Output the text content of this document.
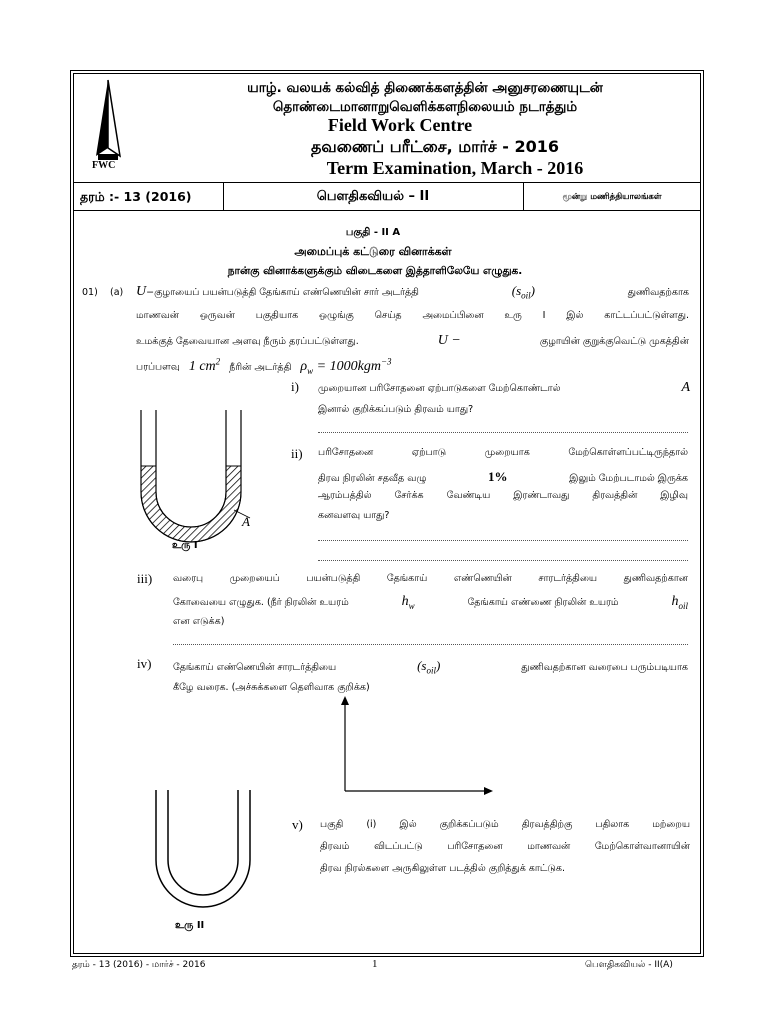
FWC
யாழ். வலயக் கல்வித் திணைக்களத்தின் அனுசரணையுடன்
தொண்டைமானாறுவெளிக்களநிலையம் நடாத்தும்
Field Work Centre
தவணைப் பரீட்சை, மார்ச் - 2016
Term Examination, March - 2016
தரம் :- 13 (2016)	பௌதிகவியல் – II	மூன்று மணித்தியாலங்கள்
பகுதி - II A
அமைப்புக் கட்டுரை வினாக்கள்
நான்கு வினாக்களுக்கும் விடைகளை இத்தாளிலேயே எழுதுக.
01) (a) U−குழாயைப் பயன்படுத்தி தேங்காய் எண்ணெயின் சார் அடர்த்தி	$(s_{oil})$	துணிவதற்காக
மாணவன் ஒருவன் பகுதியாக ஒழுங்கு செய்த அமைப்பினை உரு I இல் காட்டப்பட்டுள்ளது.
உமக்குத் தேவையான அளவு நீரும் தரப்பட்டுள்ளது.	U −	குழாயின் குறுக்குவெட்டு முகத்தின்
பரப்பளவு 1 $cm^2$ நீரின் அடர்த்தி $\rho_w = 1000kgm^{-3}$
i) முறையான பரிசோதனை ஏற்பாடுகளை மேற்கொண்டால்	A
இனால் குறிக்கப்படும் திரவம் யாது?
ii) பரிசோதனை ஏற்பாடு முறையாக மேற்கொள்ளப்பட்டிருந்தால்
திரவ நிரலின் சதவீத வழு	1%	இலும் மேற்படாமல் இருக்க
ஆரம்பத்தில் சேர்க்க வேண்டிய இரண்டாவது திரவத்தின் இழிவு
கனவளவு யாது?
A
உரு I
iii) வரைபு முறையைப் பயன்படுத்தி தேங்காய் எண்ணெயின் சாரடர்த்தியை துணிவதற்கான
கோவையை எழுதுக. (நீர் நிரலின் உயரம்	$h_w$	தேங்காய் எண்ணை நிரலின் உயரம்	$h_{oil}$
என எடுக்க)
iv) தேங்காய் எண்ணெயின் சாரடர்த்தியை	$(s_{oil})$	துணிவதற்கான வரைபை பரும்படியாக
கீழே வரைக. (அச்சுக்களை தெளிவாக குறிக்க)
உரு II
v) பகுதி (i) இல் குறிக்கப்படும் திரவத்திற்கு பதிலாக மற்றைய
திரவம் விடப்பட்டு பரிசோதனை மாணவன் மேற்கொள்வானாயின்
திரவ நிரல்களை அருகிலுள்ள படத்தில் குறித்துக் காட்டுக.
தரம் - 13 (2016) - மார்ச் - 2016	1	பௌதிகவியல் - II(A)
